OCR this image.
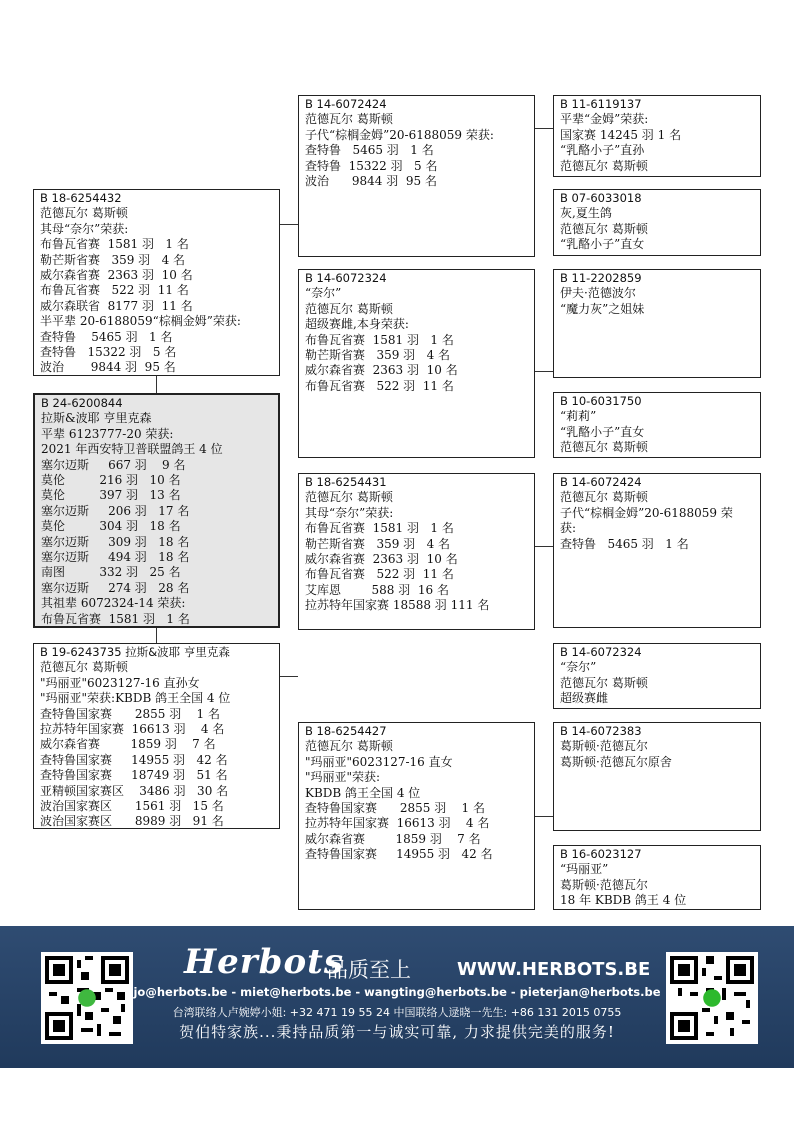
B 18-6254432
范德瓦尔 葛斯顿
其母“奈尔”荣获:
布鲁瓦省赛  1581 羽   1 名
勒芒斯省赛   359 羽   4 名
威尔森省赛  2363 羽  10 名
布鲁瓦省赛   522 羽  11 名
威尔森联省  8177 羽  11 名
半平辈 20-6188059“棕榈金姆”荣获:
查特鲁    5465 羽   1 名
查特鲁   15322 羽   5 名
波治       9844 羽  95 名
B 24-6200844
拉斯&波耶 亨里克森
平辈 6123777-20 荣获:
2021 年西安特卫普联盟鸽王 4 位
塞尔迈斯     667 羽    9 名
莫伦         216 羽   10 名
莫伦         397 羽   13 名
塞尔迈斯     206 羽   17 名
莫伦         304 羽   18 名
塞尔迈斯     309 羽   18 名
塞尔迈斯     494 羽   18 名
南图         332 羽   25 名
塞尔迈斯     274 羽   28 名
其祖辈 6072324-14 荣获:
布鲁瓦省赛  1581 羽   1 名
B 19-6243735 拉斯&波耶 亨里克森
范德瓦尔 葛斯顿
"玛丽亚"6023127-16 直孙女
"玛丽亚"荣获:KBDB 鸽王全国 4 位
查特鲁国家赛      2855 羽    1 名
拉苏特年国家赛  16613 羽    4 名
威尔森省赛        1859 羽    7 名
查特鲁国家赛     14955 羽   42 名
查特鲁国家赛     18749 羽   51 名
亚精顿国家赛区    3486 羽   30 名
波治国家赛区      1561 羽   15 名
波治国家赛区      8989 羽   91 名
B 14-6072424
范德瓦尔 葛斯顿
子代“棕榈金姆”20-6188059 荣获:
查特鲁   5465 羽   1 名
查特鲁  15322 羽   5 名
波治      9844 羽  95 名
B 14-6072324
“奈尔”
范德瓦尔 葛斯顿
超级赛雌,本身荣获:
布鲁瓦省赛  1581 羽   1 名
勒芒斯省赛   359 羽   4 名
威尔森省赛  2363 羽  10 名
布鲁瓦省赛   522 羽  11 名
B 18-6254431
范德瓦尔 葛斯顿
其母“奈尔”荣获:
布鲁瓦省赛  1581 羽   1 名
勒芒斯省赛   359 羽   4 名
威尔森省赛  2363 羽  10 名
布鲁瓦省赛   522 羽  11 名
艾库恩        588 羽  16 名
拉苏特年国家赛 18588 羽 111 名
B 18-6254427
范德瓦尔 葛斯顿
"玛丽亚"6023127-16 直女
"玛丽亚"荣获:
KBDB 鸽王全国 4 位
查特鲁国家赛      2855 羽    1 名
拉苏特年国家赛  16613 羽    4 名
威尔森省赛        1859 羽    7 名
查特鲁国家赛     14955 羽   42 名
B 11-6119137
平辈“金姆”荣获:
国家赛 14245 羽 1 名
“乳酪小子”直孙
范德瓦尔 葛斯顿
B 07-6033018
灰,夏生鸽
范德瓦尔 葛斯顿
“乳酪小子”直女
B 11-2202859
伊夫·范德波尔
“魔力灰”之姐妹
B 10-6031750
“莉莉”
“乳酪小子”直女
范德瓦尔 葛斯顿
B 14-6072424
范德瓦尔 葛斯顿
子代“棕榈金姆”20-6188059 荣
获:
查特鲁   5465 羽   1 名
B 14-6072324
“奈尔”
范德瓦尔 葛斯顿
超级赛雌
B 14-6072383
葛斯顿·范德瓦尔
葛斯顿·范德瓦尔原舍
B 16-6023127
“玛丽亚”
葛斯顿·范德瓦尔
18 年 KBDB 鸽王 4 位
Herbots
品质至上	WWW.HERBOTS.BE
jo@herbots.be - miet@herbots.be - wangting@herbots.be - pieterjan@herbots.be
台湾联络人卢婉婷小姐: +32 471 19 55 24 中国联络人逯晓一先生: +86 131 2015 0755
贺伯特家族...秉持品质第一与诚实可靠, 力求提供完美的服务!
